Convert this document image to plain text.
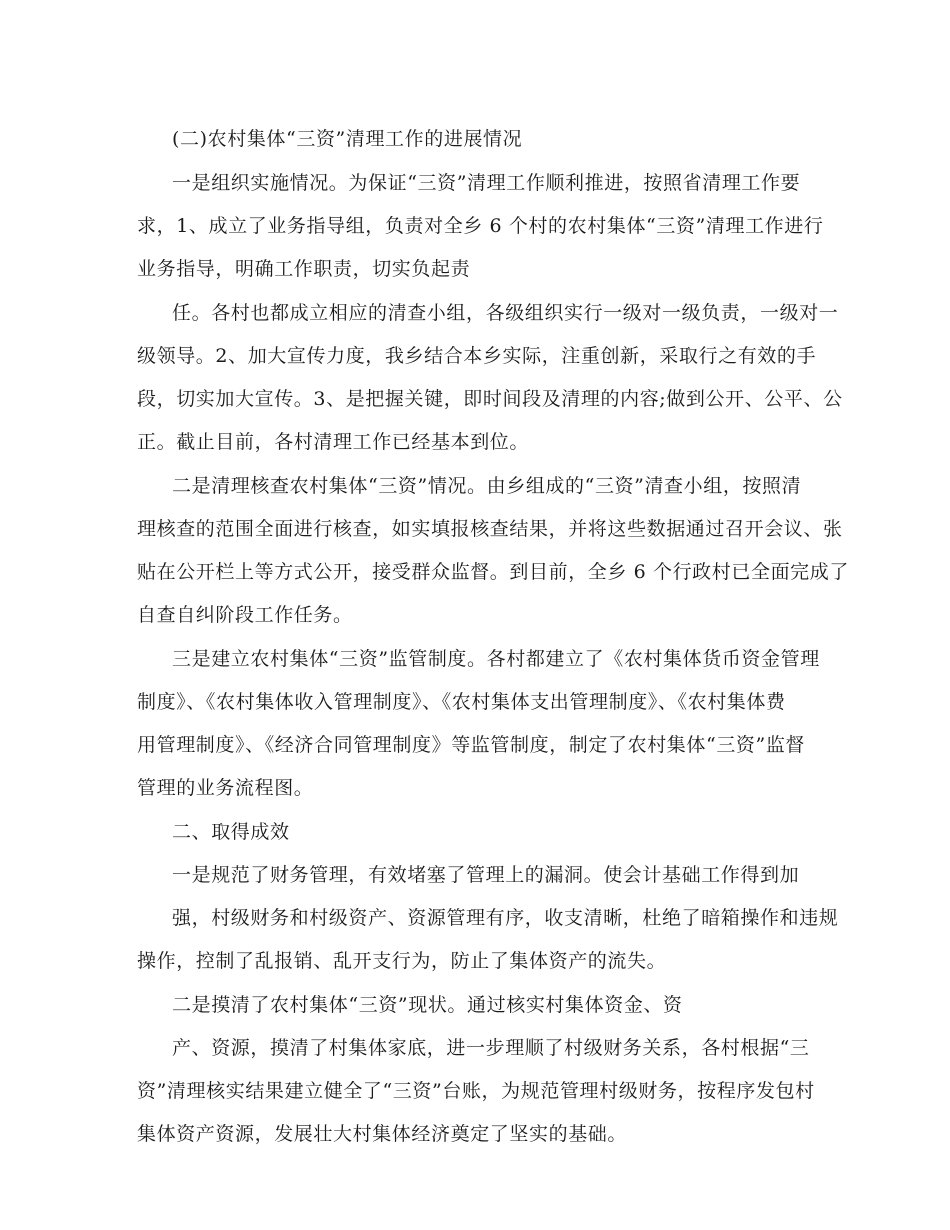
(二)农村集体“三资”清理工作的进展情况
一是组织实施情况。为保证“三资”清理工作顺利推进，按照省清理工作要
求，1、成立了业务指导组，负责对全乡 6 个村的农村集体“三资”清理工作进行
业务指导，明确工作职责，切实负起责
任。各村也都成立相应的清查小组，各级组织实行一级对一级负责，一级对一
级领导。2、加大宣传力度，我乡结合本乡实际，注重创新，采取行之有效的手
段，切实加大宣传。3、是把握关键，即时间段及清理的内容;做到公开、公平、公
正。截止目前，各村清理工作已经基本到位。
二是清理核查农村集体“三资”情况。由乡组成的“三资”清查小组，按照清
理核查的范围全面进行核查，如实填报核查结果，并将这些数据通过召开会议、张
贴在公开栏上等方式公开，接受群众监督。到目前，全乡 6 个行政村已全面完成了
自查自纠阶段工作任务。
三是建立农村集体“三资”监管制度。各村都建立了《农村集体货币资金管理
制度》、《农村集体收入管理制度》、《农村集体支出管理制度》、《农村集体费
用管理制度》、《经济合同管理制度》等监管制度，制定了农村集体“三资”监督
管理的业务流程图。
二、取得成效
一是规范了财务管理，有效堵塞了管理上的漏洞。使会计基础工作得到加
强，村级财务和村级资产、资源管理有序，收支清晰，杜绝了暗箱操作和违规
操作，控制了乱报销、乱开支行为，防止了集体资产的流失。
二是摸清了农村集体“三资”现状。通过核实村集体资金、资
产、资源，摸清了村集体家底，进一步理顺了村级财务关系，各村根据“三
资”清理核实结果建立健全了“三资”台账，为规范管理村级财务，按程序发包村
集体资产资源，发展壮大村集体经济奠定了坚实的基础。
